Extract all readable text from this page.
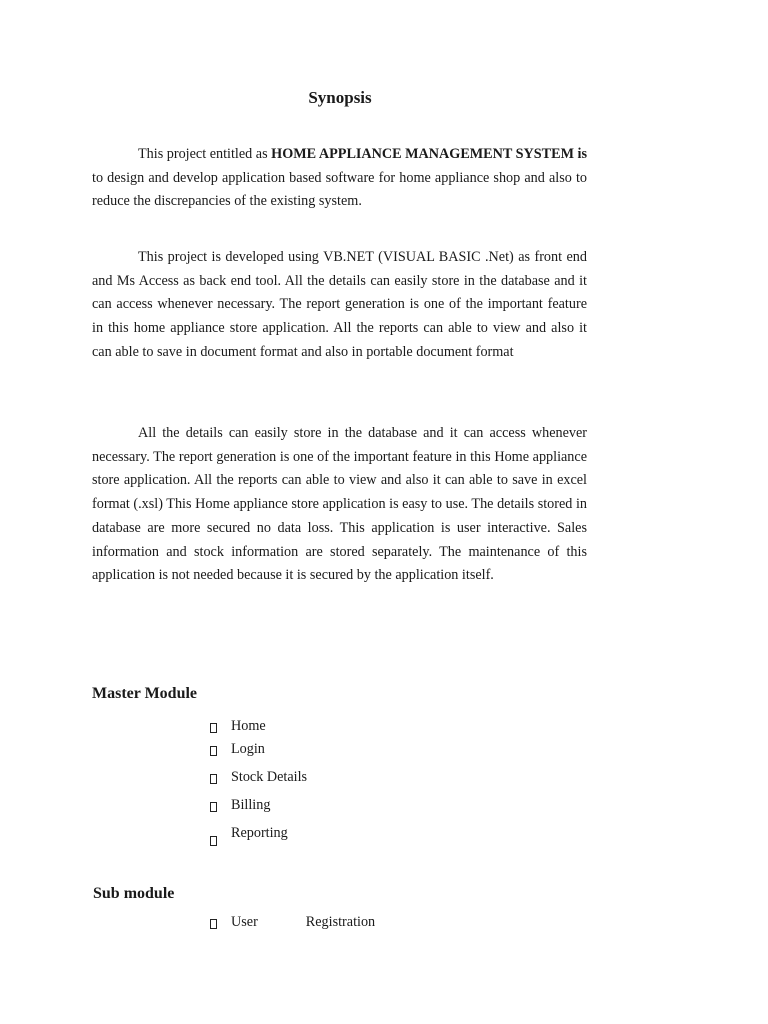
Synopsis

This project entitled as HOME APPLIANCE MANAGEMENT SYSTEM is to design and develop application based software for home appliance shop and also to reduce the discrepancies of the existing system.

This project is developed using VB.NET (VISUAL BASIC .Net) as front end and Ms Access as back end tool. All the details can easily store in the database and it can access whenever necessary. The report generation is one of the important feature in this home appliance store application. All the reports can able to view and also it can able to save in document format and also in portable document format

All the details can easily store in the database and it can access whenever necessary. The report generation is one of the important feature in this Home appliance store application. All the reports can able to view and also it can able to save in excel format (.xsl) This Home appliance store application is easy to use. The details stored in database are more secured no data loss. This application is user interactive. Sales information and stock information are stored separately. The maintenance of this application is not needed because it is secured by the application itself.

Master Module
Home
Login
Stock Details
Billing
Reporting
Sub module
User	Registration
